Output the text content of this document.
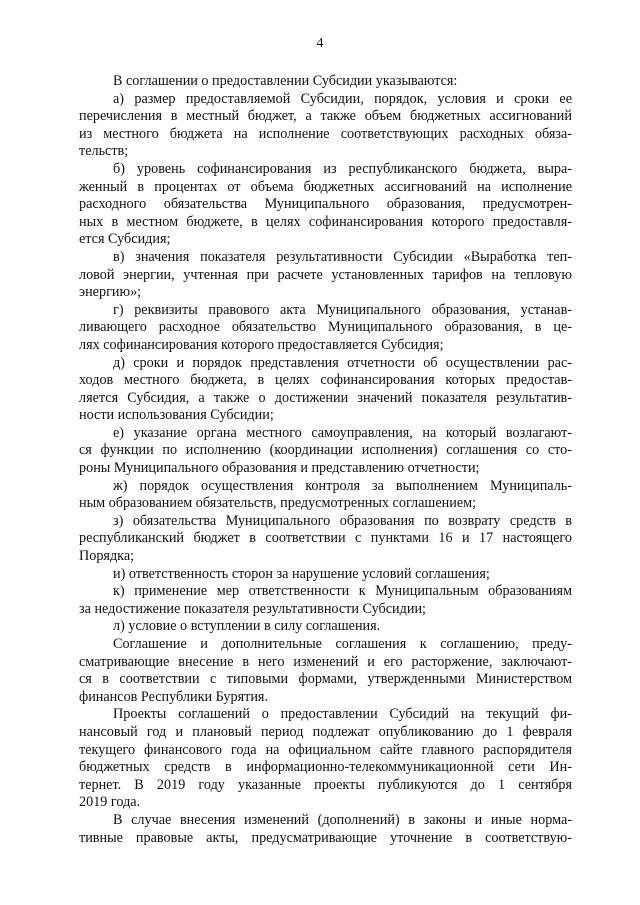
4

В соглашении о предоставлении Субсидии указываются:

а) размер предоставляемой Субсидии, порядок, условия и сроки ее
перечисления в местный бюджет, а также объем бюджетных ассигнований
из местного бюджета на исполнение соответствующих расходных обяза-
тельств;

б) уровень софинансирования из республиканского бюджета, выра-
женный в процентах от объема бюджетных ассигнований на исполнение
расходного обязательства Муниципального образования, предусмотрен-
ных в местном бюджете, в целях софинансирования которого предоставля-
ется Субсидия;

в) значения показателя результативности Субсидии «Выработка теп-
ловой энергии, учтенная при расчете установленных тарифов на тепловую
энергию»;

г) реквизиты правового акта Муниципального образования, устанав-
ливающего расходное обязательство Муниципального образования, в це-
лях софинансирования которого предоставляется Субсидия;

д) сроки и порядок представления отчетности об осуществлении рас-
ходов местного бюджета, в целях софинансирования которых предостав-
ляется Субсидия, а также о достижении значений показателя результатив-
ности использования Субсидии;

е) указание органа местного самоуправления, на который возлагают-
ся функции по исполнению (координации исполнения) соглашения со сто-
роны Муниципального образования и представлению отчетности;

ж) порядок осуществления контроля за выполнением Муниципаль-
ным образованием обязательств, предусмотренных соглашением;

з) обязательства Муниципального образования по возврату средств в
республиканский бюджет в соответствии с пунктами 16 и 17 настоящего
Порядка;

и) ответственность сторон за нарушение условий соглашения;

к) применение мер ответственности к Муниципальным образованиям
за недостижение показателя результативности Субсидии;

л) условие о вступлении в силу соглашения.

Соглашение и дополнительные соглашения к соглашению, преду-
сматривающие внесение в него изменений и его расторжение, заключают-
ся в соответствии с типовыми формами, утвержденными Министерством
финансов Республики Бурятия.

Проекты соглашений о предоставлении Субсидий на текущий фи-
нансовый год и плановый период подлежат опубликованию до 1 февраля
текущего финансового года на официальном сайте главного распорядителя
бюджетных средств в информационно-телекоммуникационной сети Ин-
тернет. В 2019 году указанные проекты публикуются до 1 сентября
2019 года.

В случае внесения изменений (дополнений) в законы и иные норма-
тивные правовые акты, предусматривающие уточнение в соответствую-
